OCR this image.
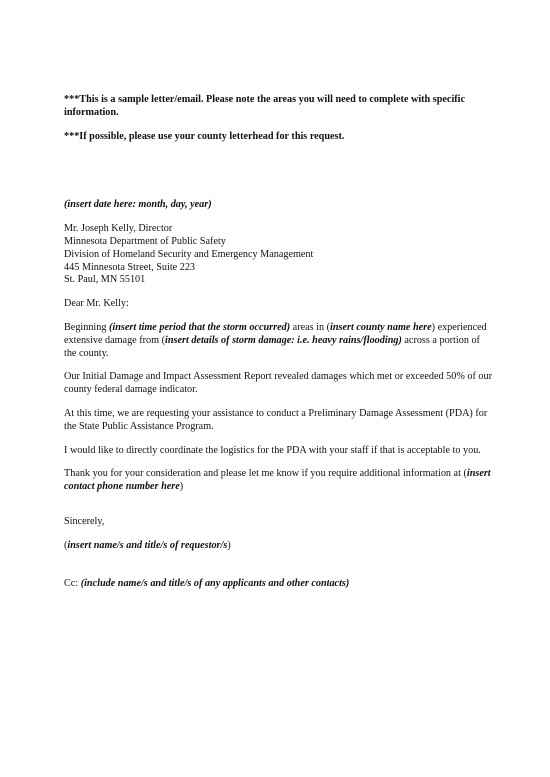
***This is a sample letter/email. Please note the areas you will need to complete with specific information.

***If possible, please use your county letterhead for this request.

(insert date here: month, day, year)

Mr. Joseph Kelly, Director
Minnesota Department of Public Safety
Division of Homeland Security and Emergency Management
445 Minnesota Street, Suite 223
St. Paul, MN 55101

Dear Mr. Kelly:

Beginning (insert time period that the storm occurred) areas in (insert county name here) experienced extensive damage from (insert details of storm damage: i.e. heavy rains/flooding) across a portion of the county.

Our Initial Damage and Impact Assessment Report revealed damages which met or exceeded 50% of our county federal damage indicator.

At this time, we are requesting your assistance to conduct a Preliminary Damage Assessment (PDA) for the State Public Assistance Program.

I would like to directly coordinate the logistics for the PDA with your staff if that is acceptable to you.

Thank you for your consideration and please let me know if you require additional information at (insert contact phone number here)

Sincerely,

(insert name/s and title/s of requestor/s)

Cc: (include name/s and title/s of any applicants and other contacts)
